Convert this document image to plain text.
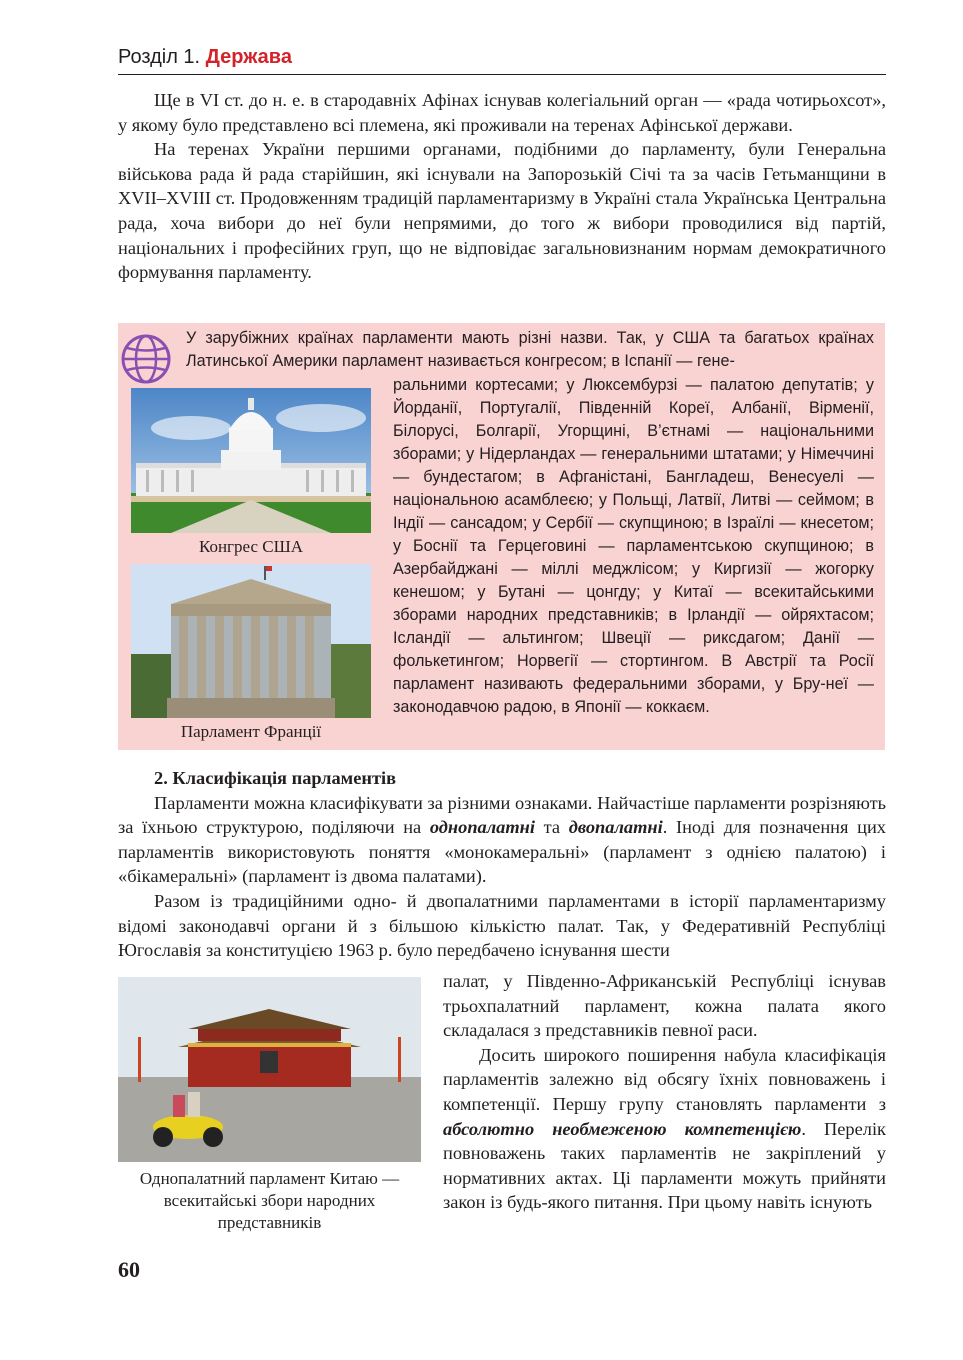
Розділ 1. Держава

Ще в VI ст. до н. е. в стародавніх Афінах існував колегіальний орган — «рада чотирьохсот», у якому було представлено всі племена, які проживали на теренах Афінської держави.

На теренах України першими органами, подібними до парламенту, були Генеральна військова рада й рада старійшин, які існували на Запорозькій Січі та за часів Гетьманщини в XVII–XVIII ст. Продовженням традицій парламентаризму в Україні стала Українська Центральна рада, хоча вибори до неї були непрямими, до того ж вибори проводилися від партій, національних і професійних груп, що не відповідає загальновизнаним нормам демократичного формування парламенту.

У зарубіжних країнах парламенти мають різні назви. Так, у США та багатьох країнах Латинської Америки парламент називається конгресом; в Іспанії — гене-
ральними кортесами; у Люксембурзі — палатою депутатів; у Йорданії, Португалії, Південній Кореї, Албанії, Вірменії, Білорусі, Болгарії, Угорщині, В’єтнамі — національними зборами; у Нідерландах — генеральними штатами; у Німеччині — бундестагом; в Афганістані, Бангладеш, Венесуелі — національною асамблеєю; у Польщі, Латвії, Литві — сеймом; в Індії — сансадом; у Сербії — скупщиною; в Ізраїлі — кнесетом; у Боснії та Герцеговині — парламентською скупщиною; в Азербайджані — міллі меджлісом; у Киргизії — жогорку кенешом; у Бутані — цонгду; у Китаї — всекитайськими зборами народних представників; в Ірландії — ойряхтасом; Ісландії — альтингом; Швеції — риксдагом; Данії — фолькетингом; Норвегії — стортингом. В Австрії та Росії парламент називають федеральними зборами, у Бру-неї — законодавчою радою, в Японії — коккаєм.
Конгрес США
Парламент Франції

2. Класифікація парламентів

Парламенти можна класифікувати за різними ознаками. Найчастіше парламенти розрізняють за їхньою структурою, поділяючи на однопалатні та двопалатні. Іноді для позначення цих парламентів використовують поняття «монокамеральні» (парламент з однією палатою) і «бікамеральні» (парламент із двома палатами).

Разом із традиційними одно- й двопалатними парламентами в історії парламентаризму відомі законодавчі органи й з більшою кількістю палат. Так, у Федеративній Республіці Югославія за конституцією 1963 р. було передбачено існування шести

Однопалатний парламент Китаю — всекитайські збори народних представників

палат, у Південно-Африканській Республіці існував трьохпалатний парламент, кожна палата якого складалася з представників певної раси.

Досить широкого поширення набула класифікація парламентів залежно від обсягу їхніх повноважень і компетенції. Першу групу становлять парламенти з абсолютно необмеженою компетенцією. Перелік повноважень таких парламентів не закріплений у нормативних актах. Ці парламенти можуть прийняти закон із будь-якого питання. При цьому навіть існують

60
